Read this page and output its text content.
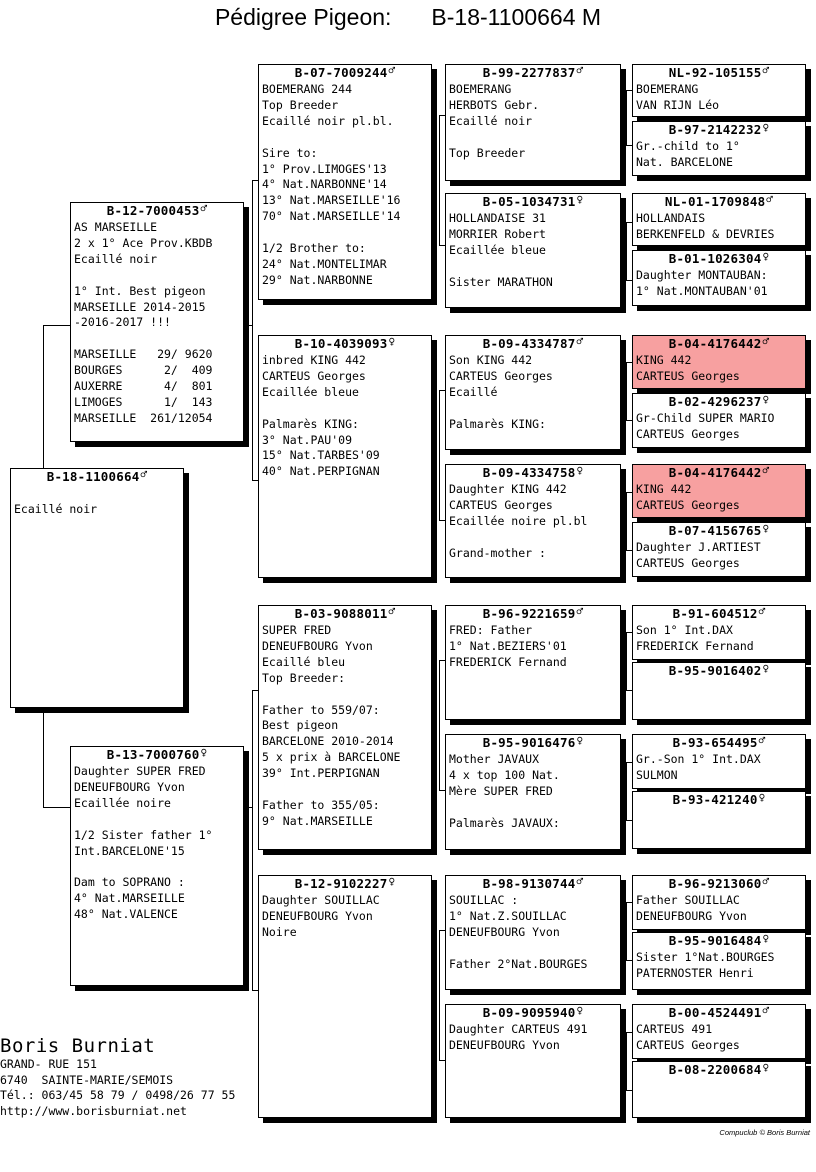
Pédigree Pigeon: B-18-1100664 M
B-18-1100664♂

Ecaillé noir
B-12-7000453♂
AS MARSEILLE
2 x 1° Ace Prov.KBDB
Ecaillé noir

1° Int. Best pigeon
MARSEILLE 2014-2015
-2016-2017 !!!

MARSEILLE   29/ 9620
BOURGES      2/  409
AUXERRE      4/  801
LIMOGES      1/  143
MARSEILLE  261/12054
B-13-7000760♀
Daughter SUPER FRED
DENEUFBOURG Yvon
Ecaillée noire

1/2 Sister father 1°
Int.BARCELONE'15

Dam to SOPRANO :
4° Nat.MARSEILLE
48° Nat.VALENCE
B-07-7009244♂
BOEMERANG 244
Top Breeder
Ecaillé noir pl.bl.

Sire to:
1° Prov.LIMOGES'13
4° Nat.NARBONNE'14
13° Nat.MARSEILLE'16
70° Nat.MARSEILLE'14

1/2 Brother to:
24° Nat.MONTELIMAR
29° Nat.NARBONNE
B-10-4039093♀
inbred KING 442
CARTEUS Georges
Ecaillée bleue

Palmarès KING:
3° Nat.PAU'09
15° Nat.TARBES'09
40° Nat.PERPIGNAN
B-03-9088011♂
SUPER FRED
DENEUFBOURG Yvon
Ecaillé bleu
Top Breeder:

Father to 559/07:
Best pigeon
BARCELONE 2010-2014
5 x prix à BARCELONE
39° Int.PERPIGNAN

Father to 355/05:
9° Nat.MARSEILLE
B-12-9102227♀
Daughter SOUILLAC
DENEUFBOURG Yvon
Noire
B-99-2277837♂
BOEMERANG
HERBOTS Gebr.
Ecaillé noir

Top Breeder
B-05-1034731♀
HOLLANDAISE 31
MORRIER Robert
Ecaillée bleue

Sister MARATHON
B-09-4334787♂
Son KING 442
CARTEUS Georges
Ecaillé

Palmarès KING:
B-09-4334758♀
Daughter KING 442
CARTEUS Georges
Ecaillée noire pl.bl

Grand-mother :
B-96-9221659♂
FRED: Father
1° Nat.BEZIERS'01
FREDERICK Fernand
B-95-9016476♀
Mother JAVAUX
4 x top 100 Nat.
Mère SUPER FRED

Palmarès JAVAUX:
B-98-9130744♂
SOUILLAC :
1° Nat.Z.SOUILLAC
DENEUFBOURG Yvon

Father 2°Nat.BOURGES
B-09-9095940♀
Daughter CARTEUS 491
DENEUFBOURG Yvon
NL-92-105155♂
BOEMERANG
VAN RIJN Léo
B-97-2142232♀
Gr.-child to 1°
Nat. BARCELONE
NL-01-1709848♂
HOLLANDAIS
BERKENFELD & DEVRIES
B-01-1026304♀
Daughter MONTAUBAN:
1° Nat.MONTAUBAN'01
B-04-4176442♂
KING 442
CARTEUS Georges
B-02-4296237♀
Gr-Child SUPER MARIO
CARTEUS Georges
B-04-4176442♂
KING 442
CARTEUS Georges
B-07-4156765♀
Daughter J.ARTIEST
CARTEUS Georges
B-91-604512♂
Son 1° Int.DAX
FREDERICK Fernand
B-95-9016402♀
B-93-654495♂
Gr.-Son 1° Int.DAX
SULMON
B-93-421240♀
B-96-9213060♂
Father SOUILLAC
DENEUFBOURG Yvon
B-95-9016484♀
Sister 1°Nat.BOURGES
PATERNOSTER Henri
B-00-4524491♂
CARTEUS 491
CARTEUS Georges
B-08-2200684♀
Boris Burniat
GRAND- RUE 151
6740  SAINTE-MARIE/SEMOIS
Tél.: 063/45 58 79 / 0498/26 77 55
http://www.borisburniat.net
Compuclub © Boris Burniat
